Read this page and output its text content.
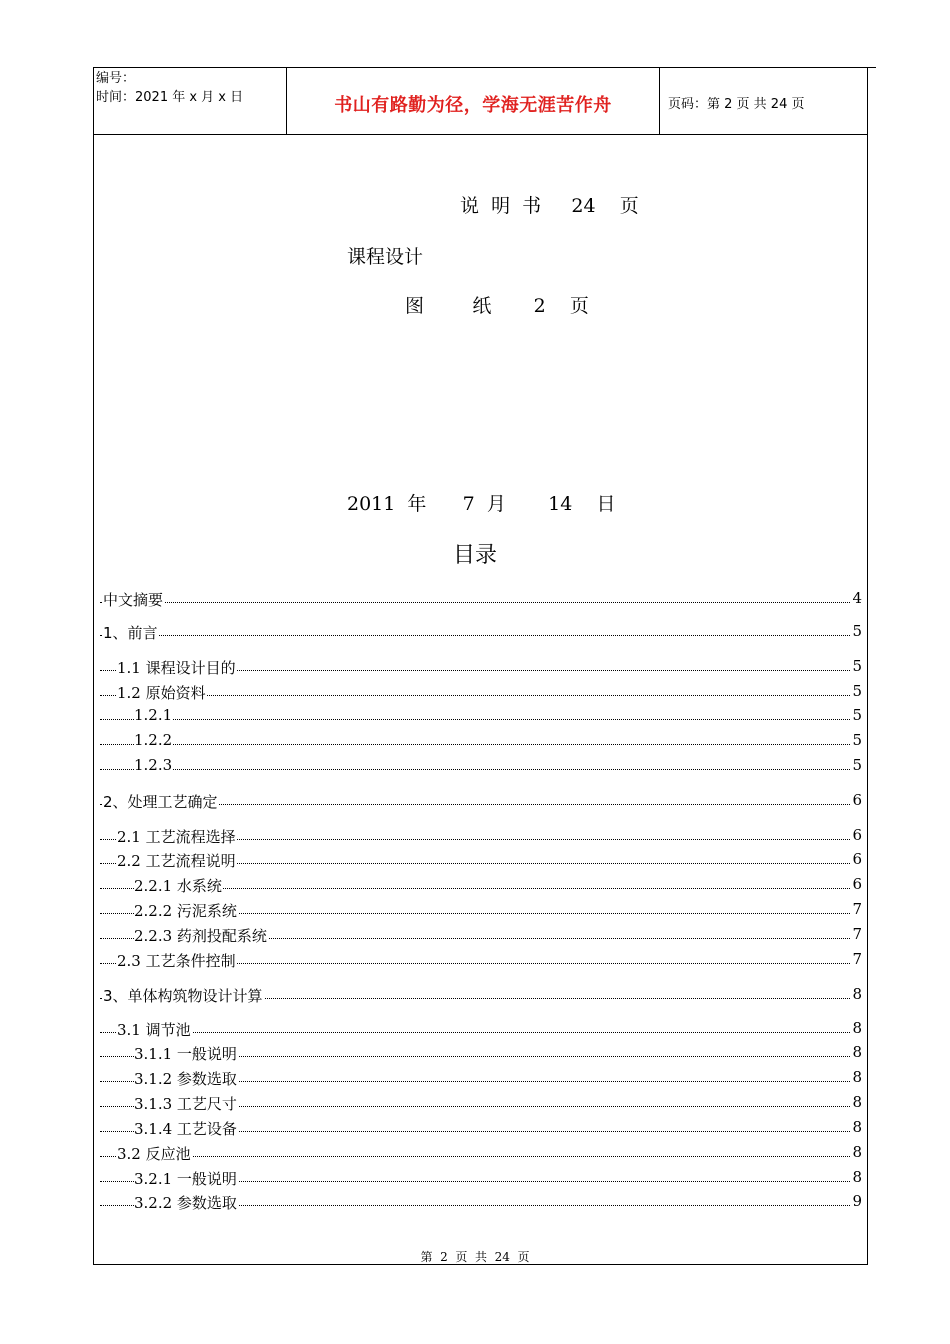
编号：
时间：2021 年 x 月 x 日	书山有路勤为径，学海无涯苦作舟	页码：第 2 页 共 24 页
说  明  书     24    页
课程设计
图        纸       2    页
2011  年      7  月       14    日
目录
中文摘要	4
1、前言	5
1.1 课程设计目的	5
1.2 原始资料	5
1.2.1	5
1.2.2	5
1.2.3	5
2、处理工艺确定	6
2.1 工艺流程选择	6
2.2 工艺流程说明	6
2.2.1 水系统	6
2.2.2 污泥系统	7
2.2.3 药剂投配系统	7
2.3 工艺条件控制	7
3、单体构筑物设计计算	8
3.1 调节池	8
3.1.1 一般说明	8
3.1.2 参数选取	8
3.1.3 工艺尺寸	8
3.1.4 工艺设备	8
3.2 反应池	8
3.2.1 一般说明	8
3.2.2 参数选取	9
第  2  页  共  24  页
